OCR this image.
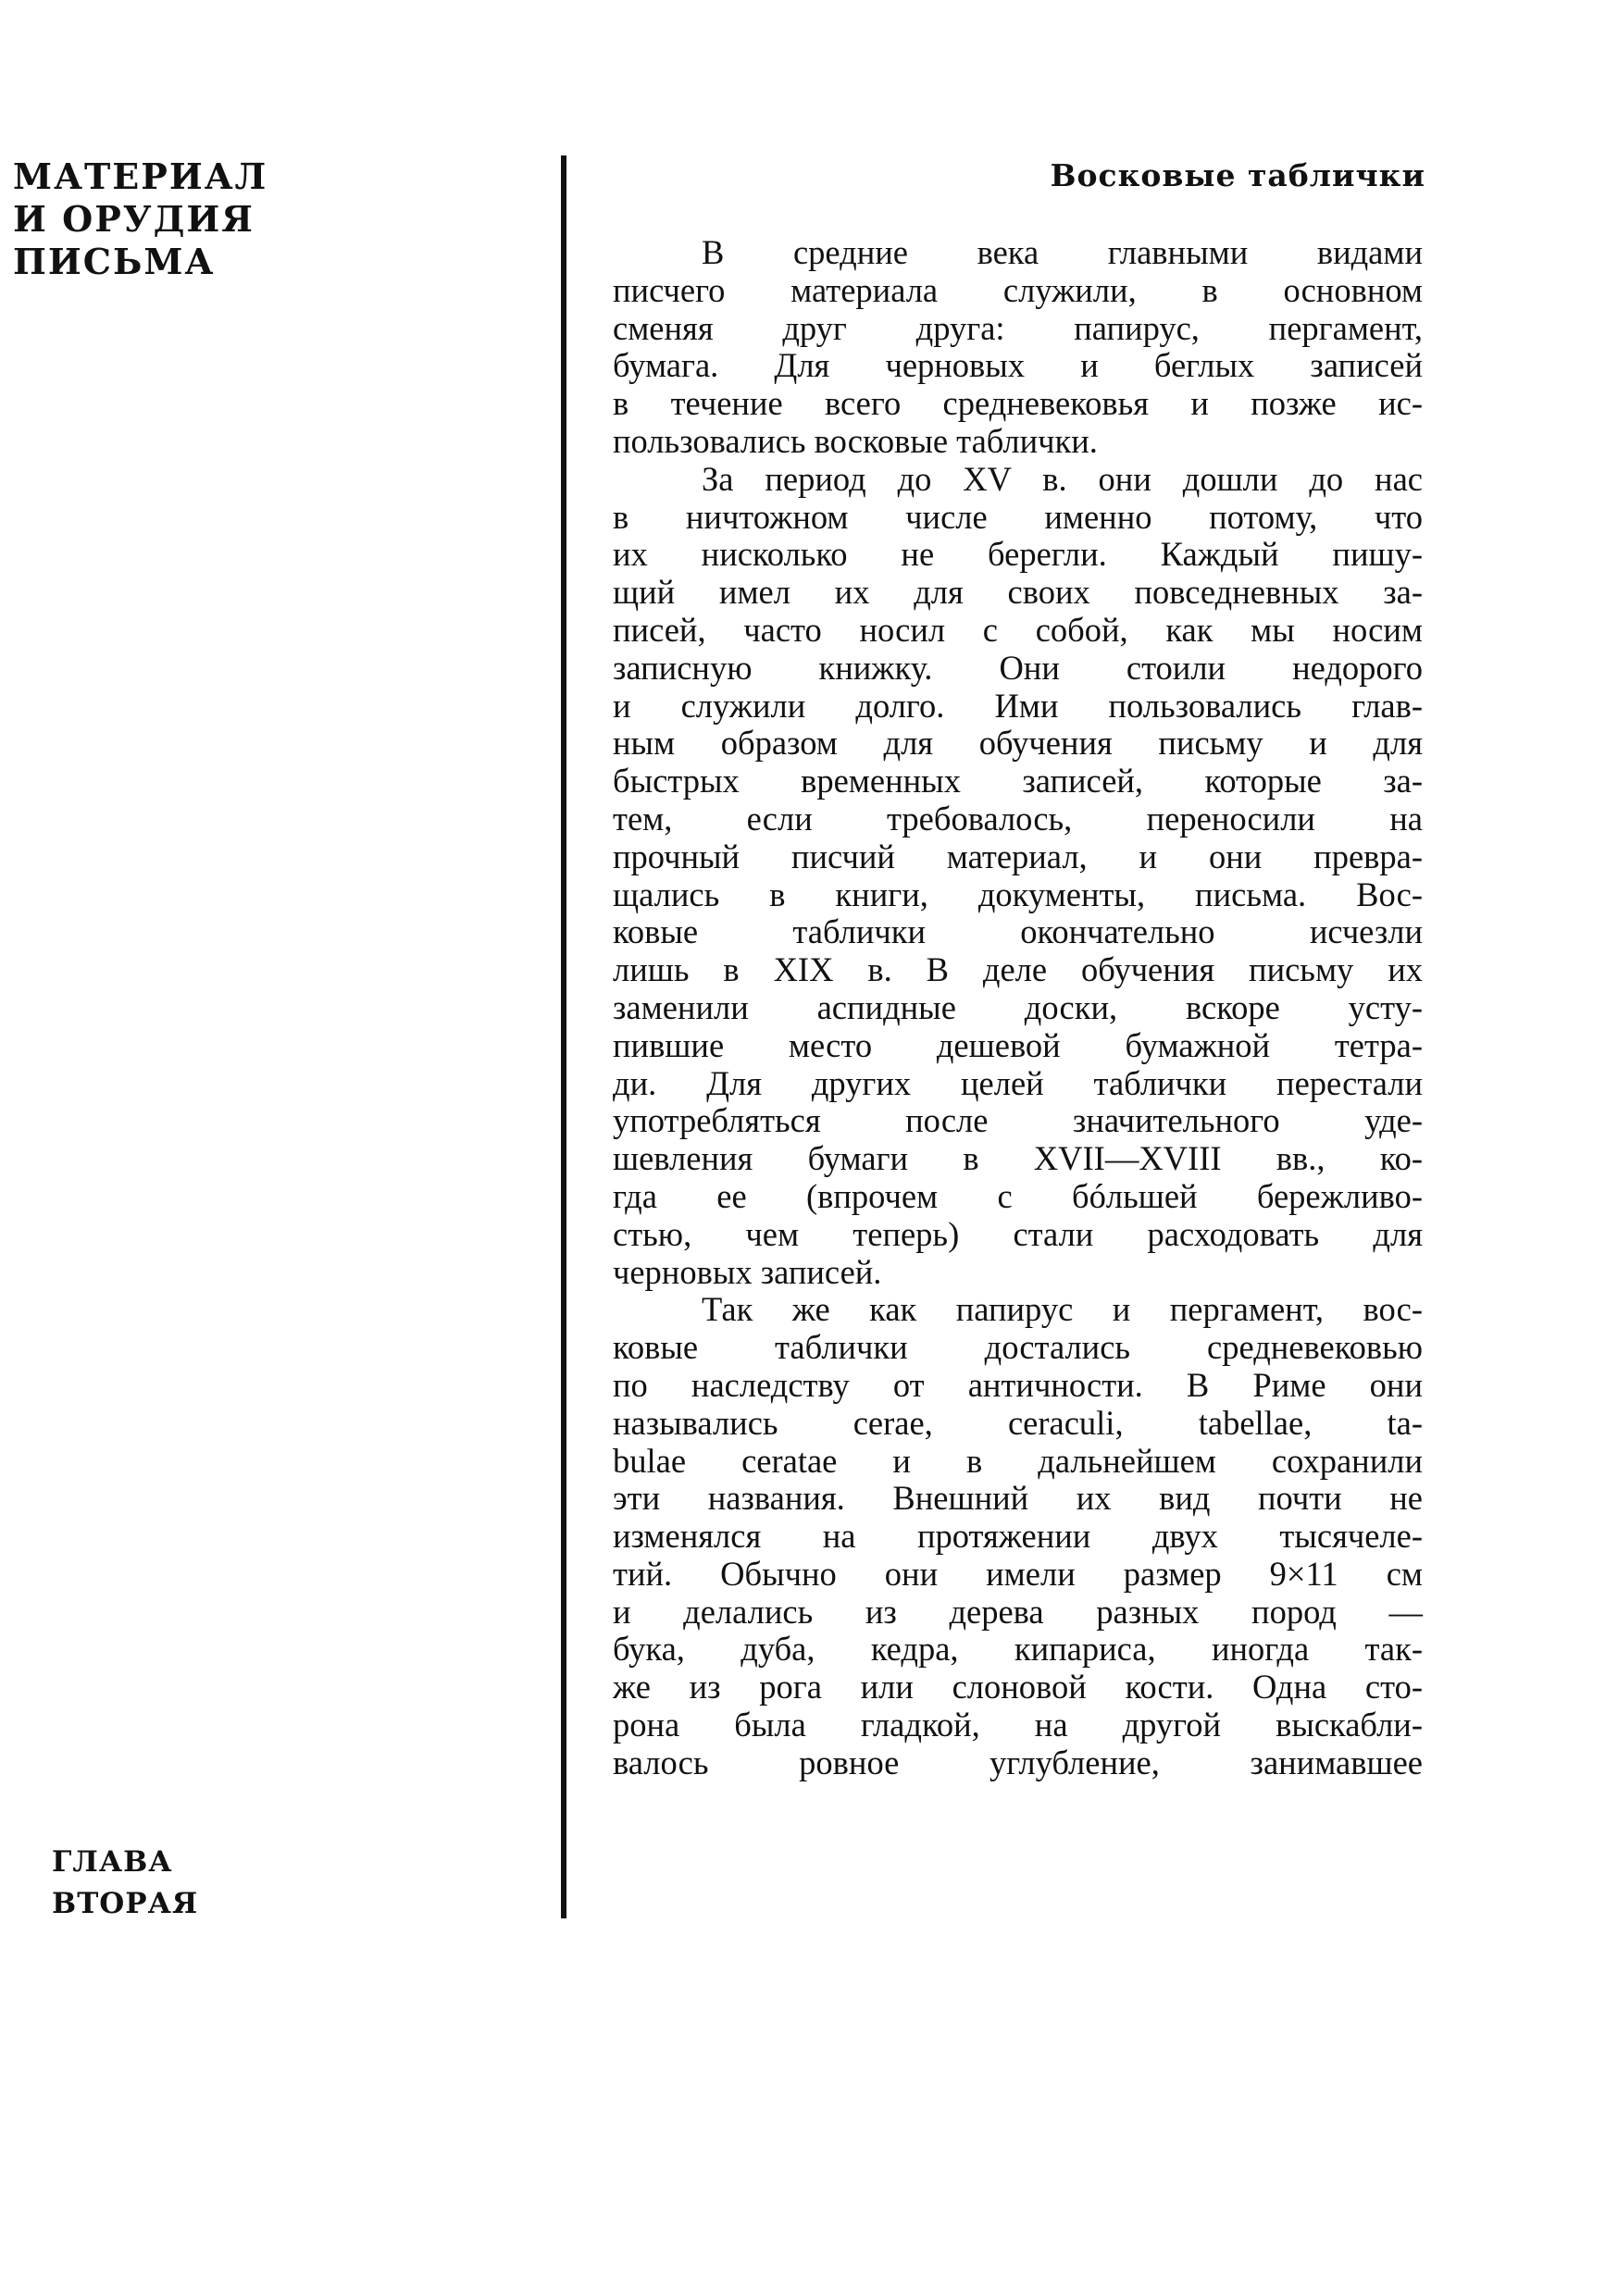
МАТЕРИАЛ
И ОРУДИЯ
ПИСЬМА
ГЛАВА
ВТОРАЯ
Восковые таблички
В средние века главными видами
писчего материала служили, в основном
сменяя друг друга: папирус, пергамент,
бумага. Для черновых и беглых записей
в течение всего средневековья и позже ис-
пользовались восковые таблички.
За период до XV в. они дошли до нас
в ничтожном числе именно потому, что
их нисколько не берегли. Каждый пишу-
щий имел их для своих повседневных за-
писей, часто носил с собой, как мы носим
записную книжку. Они стоили недорого
и служили долго. Ими пользовались глав-
ным образом для обучения письму и для
быстрых временных записей, которые за-
тем, если требовалось, переносили на
прочный писчий материал, и они превра-
щались в книги, документы, письма. Вос-
ковые таблички окончательно исчезли
лишь в XIX в. В деле обучения письму их
заменили аспидные доски, вскоре усту-
пившие место дешевой бумажной тетра-
ди. Для других целей таблички перестали
употребляться после значительного уде-
шевления бумаги в XVII—XVIII вв., ко-
гда ее (впрочем с бóльшей бережливо-
стью, чем теперь) стали расходовать для
черновых записей.
Так же как папирус и пергамент, вос-
ковые таблички достались средневековью
по наследству от античности. В Риме они
назывались cerae, ceraculi, tabellae, ta-
bulae ceratae и в дальнейшем сохранили
эти названия. Внешний их вид почти не
изменялся на протяжении двух тысячеле-
тий. Обычно они имели размер 9×11 см
и делались из дерева разных пород —
бука, дуба, кедра, кипариса, иногда так-
же из рога или слоновой кости. Одна сто-
рона была гладкой, на другой выскабли-
валось ровное углубление, занимавшее
